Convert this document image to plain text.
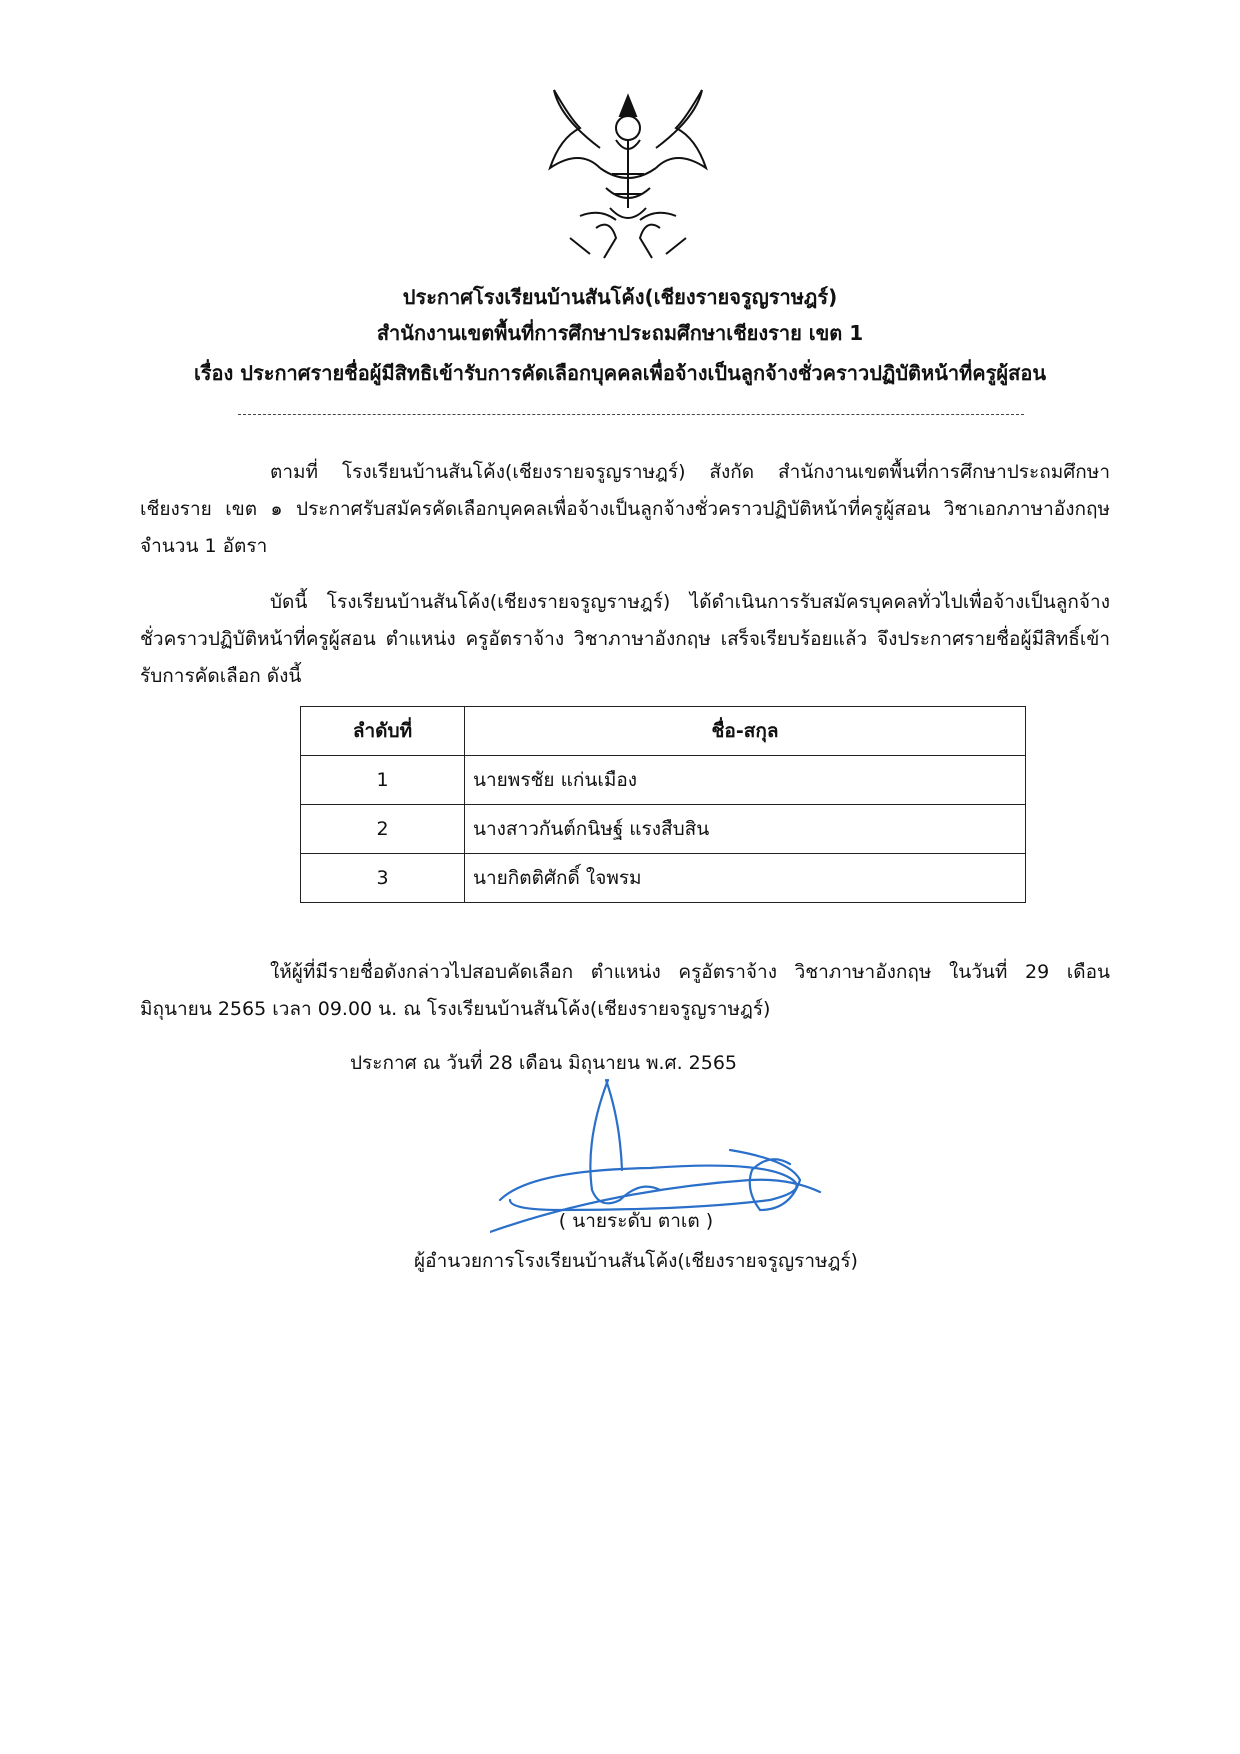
ประกาศโรงเรียนบ้านสันโค้ง(เชียงรายจรูญราษฎร์)
สำนักงานเขตพื้นที่การศึกษาประถมศึกษาเชียงราย เขต 1
เรื่อง ประกาศรายชื่อผู้มีสิทธิเข้ารับการคัดเลือกบุคคลเพื่อจ้างเป็นลูกจ้างชั่วคราวปฏิบัติหน้าที่ครูผู้สอน
ตามที่ โรงเรียนบ้านสันโค้ง(เชียงรายจรูญราษฎร์) สังกัด สำนักงานเขตพื้นที่การศึกษาประถมศึกษาเชียงราย เขต ๑ ประกาศรับสมัครคัดเลือกบุคคลเพื่อจ้างเป็นลูกจ้างชั่วคราวปฏิบัติหน้าที่ครูผู้สอน วิชาเอกภาษาอังกฤษ จำนวน 1 อัตรา
บัดนี้ โรงเรียนบ้านสันโค้ง(เชียงรายจรูญราษฎร์) ได้ดำเนินการรับสมัครบุคคลทั่วไปเพื่อจ้างเป็นลูกจ้างชั่วคราวปฏิบัติหน้าที่ครูผู้สอน ตำแหน่ง ครูอัตราจ้าง วิชาภาษาอังกฤษ เสร็จเรียบร้อยแล้ว จึงประกาศรายชื่อผู้มีสิทธิ์เข้ารับการคัดเลือก ดังนี้
ลำดับที่	ชื่อ-สกุล
1	นายพรชัย แก่นเมือง
2	นางสาวกันต์กนิษฐ์ แรงสืบสิน
3	นายกิตติศักดิ์ ใจพรม
ให้ผู้ที่มีรายชื่อดังกล่าวไปสอบคัดเลือก ตำแหน่ง ครูอัตราจ้าง วิชาภาษาอังกฤษ ในวันที่ 29 เดือน มิถุนายน 2565 เวลา 09.00 น. ณ โรงเรียนบ้านสันโค้ง(เชียงรายจรูญราษฎร์)
ประกาศ ณ วันที่ 28 เดือน มิถุนายน พ.ศ. 2565
( นายระดับ ตาเต )
ผู้อำนวยการโรงเรียนบ้านสันโค้ง(เชียงรายจรูญราษฎร์)
